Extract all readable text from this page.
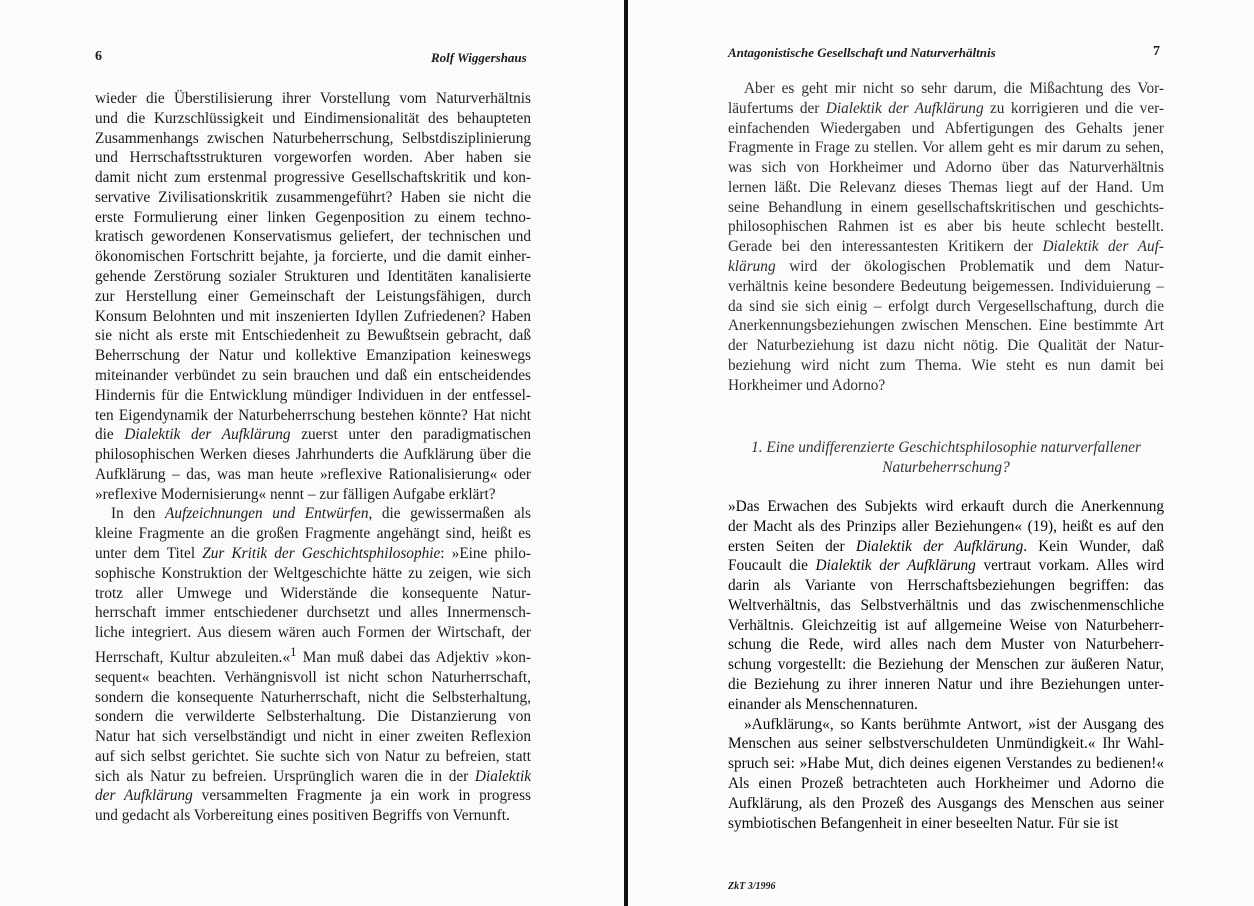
6	Rolf Wiggershaus

wieder die Überstilisierung ihrer Vorstellung vom Naturverhältnis

und die Kurzschlüssigkeit und Eindimensionalität des behaupteten

Zusammenhangs zwischen Naturbeherrschung, Selbstdisziplinierung

und Herrschaftsstrukturen vorgeworfen worden. Aber haben sie

damit nicht zum erstenmal progressive Gesellschaftskritik und kon-

servative Zivilisationskritik zusammengeführt? Haben sie nicht die

erste Formulierung einer linken Gegenposition zu einem techno-

kratisch gewordenen Konservatismus geliefert, der technischen und

ökonomischen Fortschritt bejahte, ja forcierte, und die damit einher-

gehende Zerstörung sozialer Strukturen und Identitäten kanalisierte

zur Herstellung einer Gemeinschaft der Leistungsfähigen, durch

Konsum Belohnten und mit inszenierten Idyllen Zufriedenen? Haben

sie nicht als erste mit Entschiedenheit zu Bewußtsein gebracht, daß

Beherrschung der Natur und kollektive Emanzipation keineswegs

miteinander verbündet zu sein brauchen und daß ein entscheidendes

Hindernis für die Entwicklung mündiger Individuen in der entfessel-

ten Eigendynamik der Naturbeherrschung bestehen könnte? Hat nicht

die Dialektik der Aufklärung zuerst unter den paradigmatischen

philosophischen Werken dieses Jahrhunderts die Aufklärung über die

Aufklärung – das, was man heute »reflexive Rationalisierung« oder

»reflexive Modernisierung« nennt – zur fälligen Aufgabe erklärt?

In den Aufzeichnungen und Entwürfen, die gewissermaßen als

kleine Fragmente an die großen Fragmente angehängt sind, heißt es

unter dem Titel Zur Kritik der Geschichtsphilosophie: »Eine philo-

sophische Konstruktion der Weltgeschichte hätte zu zeigen, wie sich

trotz aller Umwege und Widerstände die konsequente Natur-

herrschaft immer entschiedener durchsetzt und alles Innermensch-

liche integriert. Aus diesem wären auch Formen der Wirtschaft, der

Herrschaft, Kultur abzuleiten.«$^1$ Man muß dabei das Adjektiv »kon-

sequent« beachten. Verhängnisvoll ist nicht schon Naturherrschaft,

sondern die konsequente Naturherrschaft, nicht die Selbsterhaltung,

sondern die verwilderte Selbsterhaltung. Die Distanzierung von

Natur hat sich verselbständigt und nicht in einer zweiten Reflexion

auf sich selbst gerichtet. Sie suchte sich von Natur zu befreien, statt

sich als Natur zu befreien. Ursprünglich waren die in der Dialektik

der Aufklärung versammelten Fragmente ja ein work in progress

und gedacht als Vorbereitung eines positiven Begriffs von Vernunft.

Antagonistische Gesellschaft und Naturverhältnis	7

Aber es geht mir nicht so sehr darum, die Mißachtung des Vor-

läufertums der Dialektik der Aufklärung zu korrigieren und die ver-

einfachenden Wiedergaben und Abfertigungen des Gehalts jener

Fragmente in Frage zu stellen. Vor allem geht es mir darum zu sehen,

was sich von Horkheimer und Adorno über das Naturverhältnis

lernen läßt. Die Relevanz dieses Themas liegt auf der Hand. Um

seine Behandlung in einem gesellschaftskritischen und geschichts-

philosophischen Rahmen ist es aber bis heute schlecht bestellt.

Gerade bei den interessantesten Kritikern der Dialektik der Auf-

klärung wird der ökologischen Problematik und dem Natur-

verhältnis keine besondere Bedeutung beigemessen. Individuierung –

da sind sie sich einig – erfolgt durch Vergesellschaftung, durch die

Anerkennungsbeziehungen zwischen Menschen. Eine bestimmte Art

der Naturbeziehung ist dazu nicht nötig. Die Qualität der Natur-

beziehung wird nicht zum Thema. Wie steht es nun damit bei

Horkheimer und Adorno?

1. Eine undifferenzierte Geschichtsphilosophie naturverfallener
Naturbeherrschung?

»Das Erwachen des Subjekts wird erkauft durch die Anerkennung

der Macht als des Prinzips aller Beziehungen« (19), heißt es auf den

ersten Seiten der Dialektik der Aufklärung. Kein Wunder, daß

Foucault die Dialektik der Aufklärung vertraut vorkam. Alles wird

darin als Variante von Herrschaftsbeziehungen begriffen: das

Weltverhältnis, das Selbstverhältnis und das zwischenmenschliche

Verhältnis. Gleichzeitig ist auf allgemeine Weise von Naturbeherr-

schung die Rede, wird alles nach dem Muster von Naturbeherr-

schung vorgestellt: die Beziehung der Menschen zur äußeren Natur,

die Beziehung zu ihrer inneren Natur und ihre Beziehungen unter-

einander als Menschennaturen.

»Aufklärung«, so Kants berühmte Antwort, »ist der Ausgang des

Menschen aus seiner selbstverschuldeten Unmündigkeit.« Ihr Wahl-

spruch sei: »Habe Mut, dich deines eigenen Verstandes zu bedienen!«

Als einen Prozeß betrachteten auch Horkheimer und Adorno die

Aufklärung, als den Prozeß des Ausgangs des Menschen aus seiner

symbiotischen Befangenheit in einer beseelten Natur. Für sie ist

ZkT 3/1996
